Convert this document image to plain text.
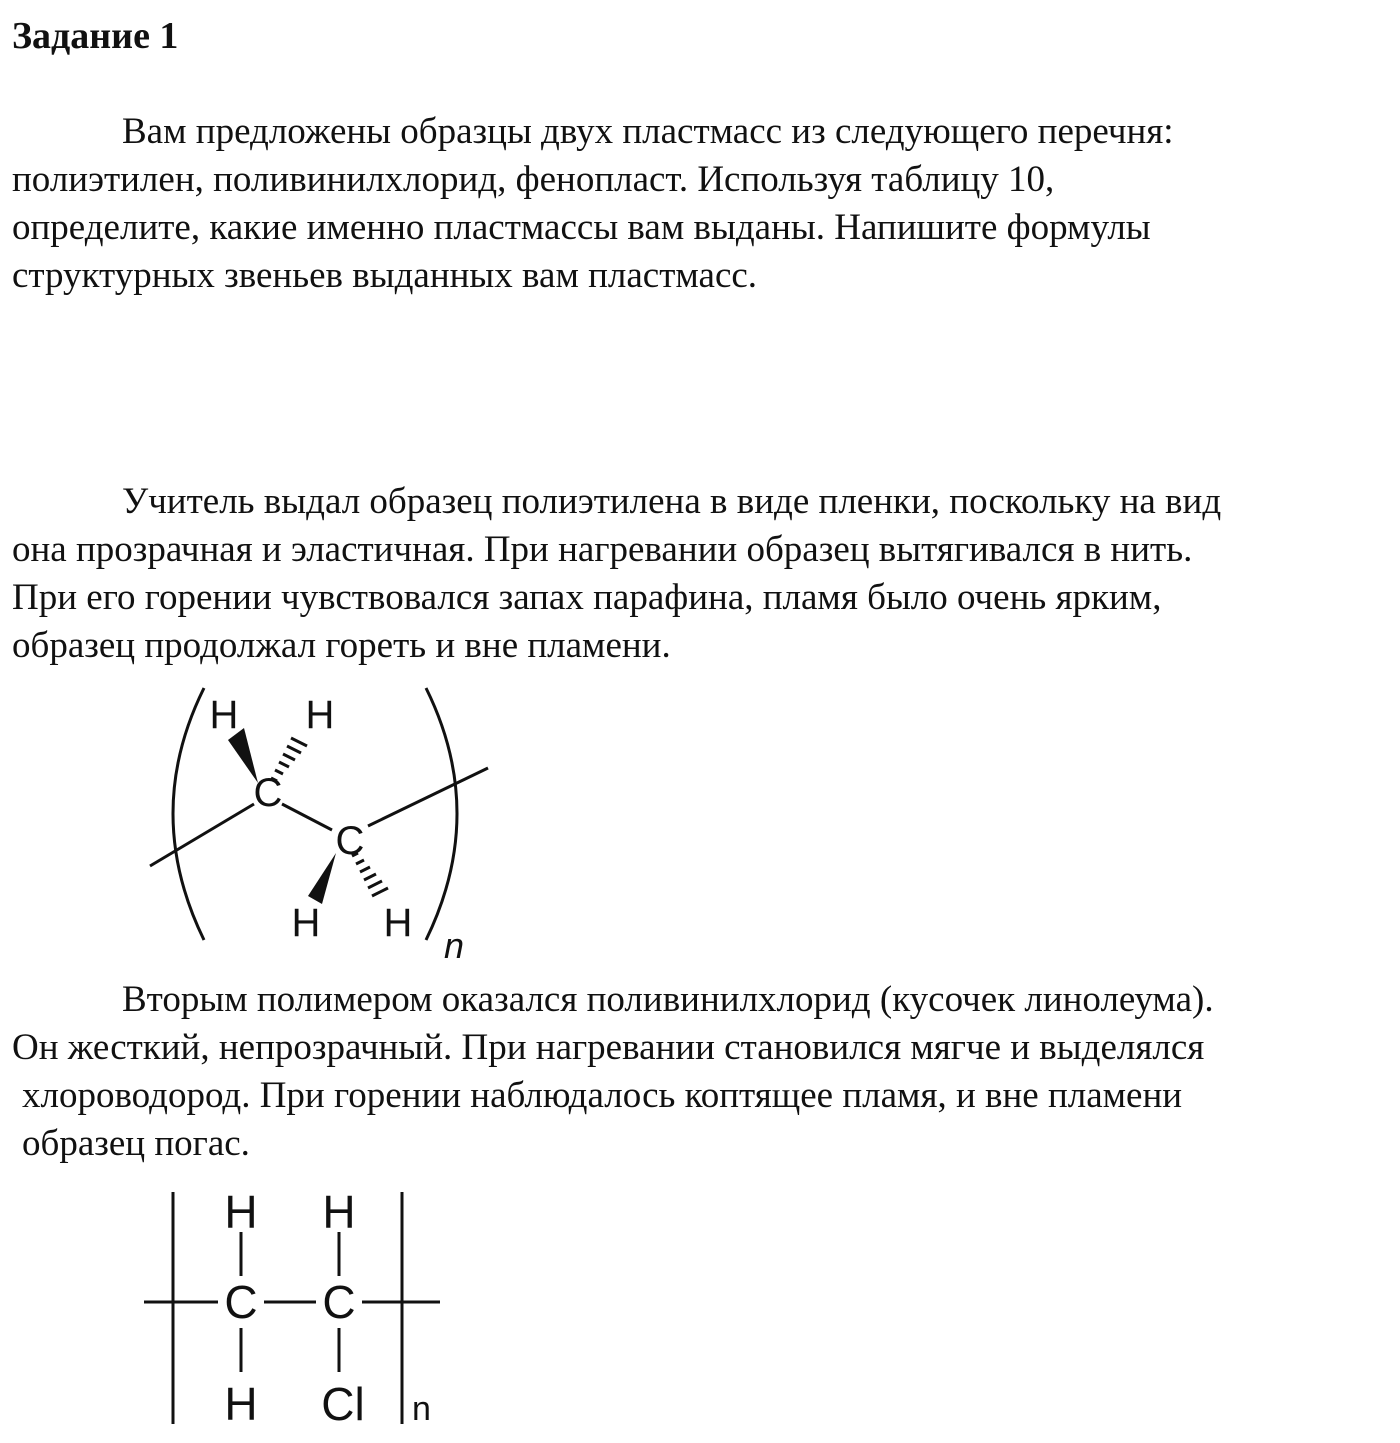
Задание 1
Вам предложены образцы двух пластмасс из следующего перечня:
полиэтилен, поливинилхлорид, фенопласт. Используя таблицу 10,
определите, какие именно пластмассы вам выданы. Напишите формулы
структурных звеньев выданных вам пластмасс.
Учитель выдал образец полиэтилена в виде пленки, поскольку на вид
она прозрачная и эластичная. При нагревании образец вытягивался в нить.
При его горении чувствовался запах парафина, пламя было очень ярким,
образец продолжал гореть и вне пламени.
H H
C
C
H H
n
Вторым полимером оказался поливинилхлорид (кусочек линолеума).
Он жесткий, непрозрачный. При нагревании становился мягче и выделялся
хлороводород. При горении наблюдалось коптящее пламя, и вне пламени
образец погас.
H H
C C
H Cl n
